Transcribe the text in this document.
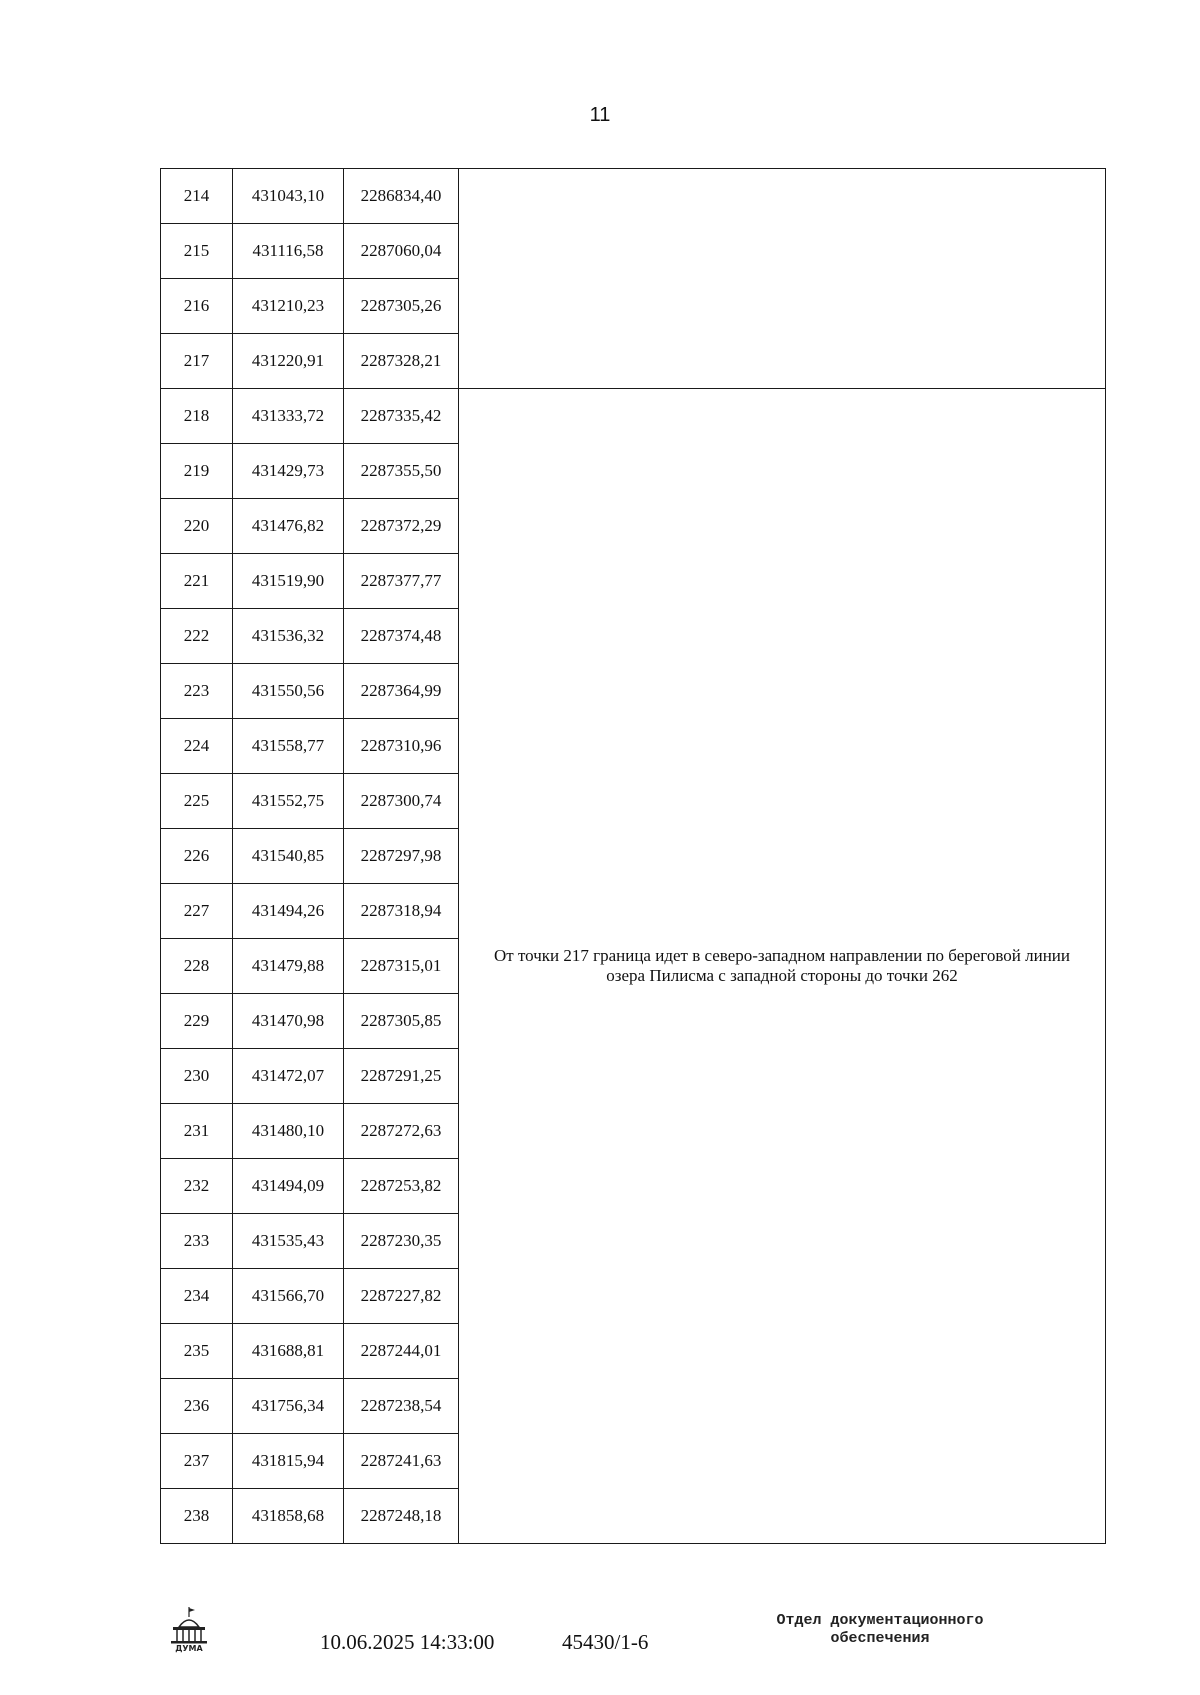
11
214	431043,10	2286834,40	
215	431116,58	2287060,04	
216	431210,23	2287305,26	
217	431220,91	2287328,21	
218	431333,72	2287335,42	От точки 217 граница идет в северо-западном направлении по береговой линии озера Пилисма с западной стороны до точки 262

219	431429,73	2287355,50	
220	431476,82	2287372,29	
221	431519,90	2287377,77	
222	431536,32	2287374,48	
223	431550,56	2287364,99	
224	431558,77	2287310,96	
225	431552,75	2287300,74	
226	431540,85	2287297,98	
227	431494,26	2287318,94	
228	431479,88	2287315,01	
229	431470,98	2287305,85	
230	431472,07	2287291,25	
231	431480,10	2287272,63	
232	431494,09	2287253,82	
233	431535,43	2287230,35	
234	431566,70	2287227,82	
235	431688,81	2287244,01	
236	431756,34	2287238,54	
237	431815,94	2287241,63	
238	431858,68	2287248,18	
ДУМА	10.06.2025 14:33:00	45430/1-6
Отдел документационного
обеспечения
